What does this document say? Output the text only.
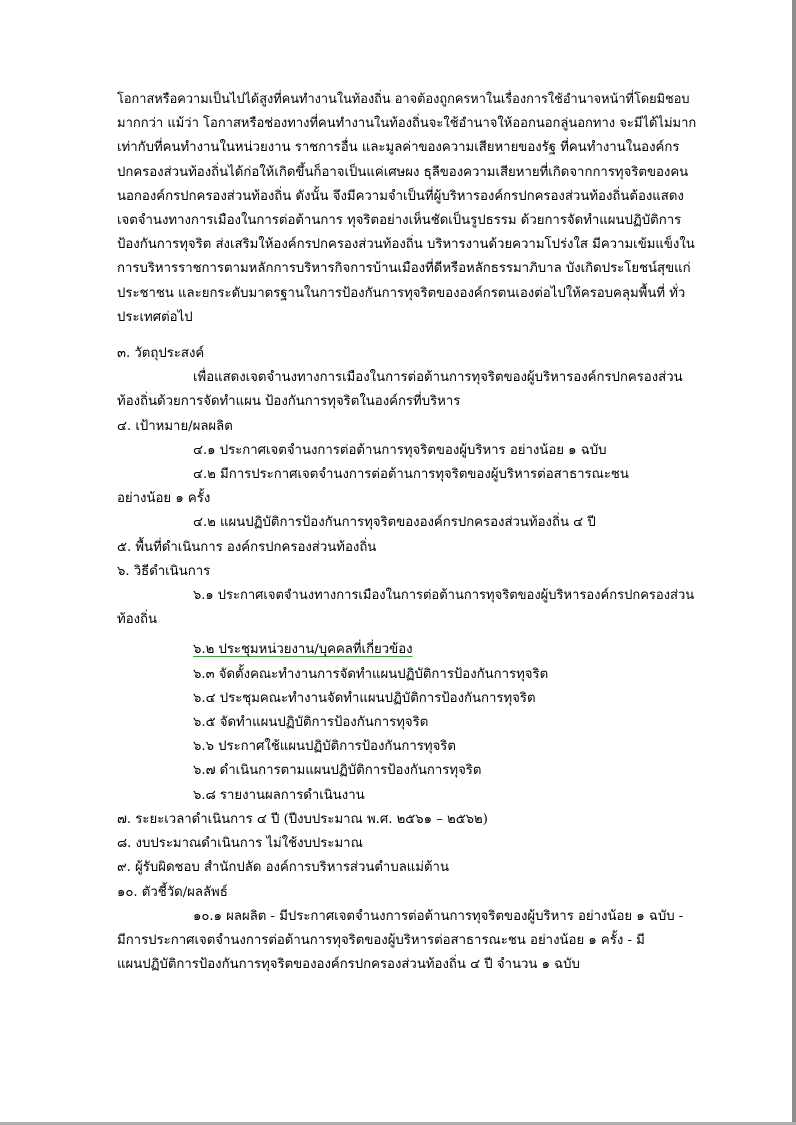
โอกาสหรือความเป็นไปได้สูงที่คนทำงานในท้องถิ่น อาจต้องถูกครหาในเรื่องการใช้อำนาจหน้าที่โดยมิชอบ
มากกว่า แม้ว่า โอกาสหรือช่องทางที่คนทำงานในท้องถิ่นจะใช้อำนาจให้ออกนอกลู่นอกทาง จะมีได้ไม่มาก
เท่ากับที่คนทำงานในหน่วยงาน ราชการอื่น และมูลค่าของความเสียหายของรัฐ ที่คนทำงานในองค์กร
ปกครองส่วนท้องถิ่นได้ก่อให้เกิดขึ้นก็อาจเป็นแค่เศษผง ธุลีของความเสียหายที่เกิดจากการทุจริตของคน
นอกองค์กรปกครองส่วนท้องถิ่น ดังนั้น จึงมีความจำเป็นที่ผู้บริหารองค์กรปกครองส่วนท้องถิ่นต้องแสดง
เจตจำนงทางการเมืองในการต่อต้านการ ทุจริตอย่างเห็นชัดเป็นรูปธรรม ด้วยการจัดทำแผนปฏิบัติการ
ป้องกันการทุจริต ส่งเสริมให้องค์กรปกครองส่วนท้องถิ่น บริหารงานด้วยความโปร่งใส มีความเข้มแข็งใน
การบริหารราชการตามหลักการบริหารกิจการบ้านเมืองที่ดีหรือหลักธรรมาภิบาล บังเกิดประโยชน์สุขแก่
ประชาชน และยกระดับมาตรฐานในการป้องกันการทุจริตขององค์กรตนเองต่อไปให้ครอบคลุมพื้นที่ ทั่ว
ประเทศต่อไป
๓. วัตถุประสงค์
เพื่อแสดงเจตจำนงทางการเมืองในการต่อต้านการทุจริตของผู้บริหารองค์กรปกครองส่วน
ท้องถิ่นด้วยการจัดทำแผน ป้องกันการทุจริตในองค์กรที่บริหาร
๔. เป้าหมาย/ผลผลิต
๔.๑ ประกาศเจตจำนงการต่อต้านการทุจริตของผู้บริหาร อย่างน้อย ๑ ฉบับ
๔.๒ มีการประกาศเจตจำนงการต่อต้านการทุจริตของผู้บริหารต่อสาธารณะชน
อย่างน้อย ๑ ครั้ง
๔.๒ แผนปฏิบัติการป้องกันการทุจริตขององค์กรปกครองส่วนท้องถิ่น ๔ ปี
๕. พื้นที่ดำเนินการ องค์กรปกครองส่วนท้องถิ่น
๖. วิธีดำเนินการ
๖.๑ ประกาศเจตจำนงทางการเมืองในการต่อต้านการทุจริตของผู้บริหารองค์กรปกครองส่วน
ท้องถิ่น
๖.๒ ประชุมหน่วยงาน/บุคคลที่เกี่ยวข้อง
๖.๓ จัดตั้งคณะทำงานการจัดทำแผนปฏิบัติการป้องกันการทุจริต
๖.๔ ประชุมคณะทำงานจัดทำแผนปฏิบัติการป้องกันการทุจริต
๖.๕ จัดทำแผนปฏิบัติการป้องกันการทุจริต
๖.๖ ประกาศใช้แผนปฏิบัติการป้องกันการทุจริต
๖.๗ ดำเนินการตามแผนปฏิบัติการป้องกันการทุจริต
๖.๘ รายงานผลการดำเนินงาน
๗. ระยะเวลาดำเนินการ ๔ ปี (ปีงบประมาณ พ.ศ. ๒๕๖๑ – ๒๕๖๒)
๘. งบประมาณดำเนินการ ไม่ใช้งบประมาณ
๙. ผู้รับผิดชอบ สำนักปลัด องค์การบริหารส่วนตำบลแม่ต้าน
๑๐. ตัวชี้วัด/ผลลัพธ์
๑๐.๑ ผลผลิต - มีประกาศเจตจำนงการต่อต้านการทุจริตของผู้บริหาร อย่างน้อย ๑ ฉบับ -
มีการประกาศเจตจำนงการต่อต้านการทุจริตของผู้บริหารต่อสาธารณะชน อย่างน้อย ๑ ครั้ง - มี
แผนปฏิบัติการป้องกันการทุจริตขององค์กรปกครองส่วนท้องถิ่น ๔ ปี จำนวน ๑ ฉบับ
